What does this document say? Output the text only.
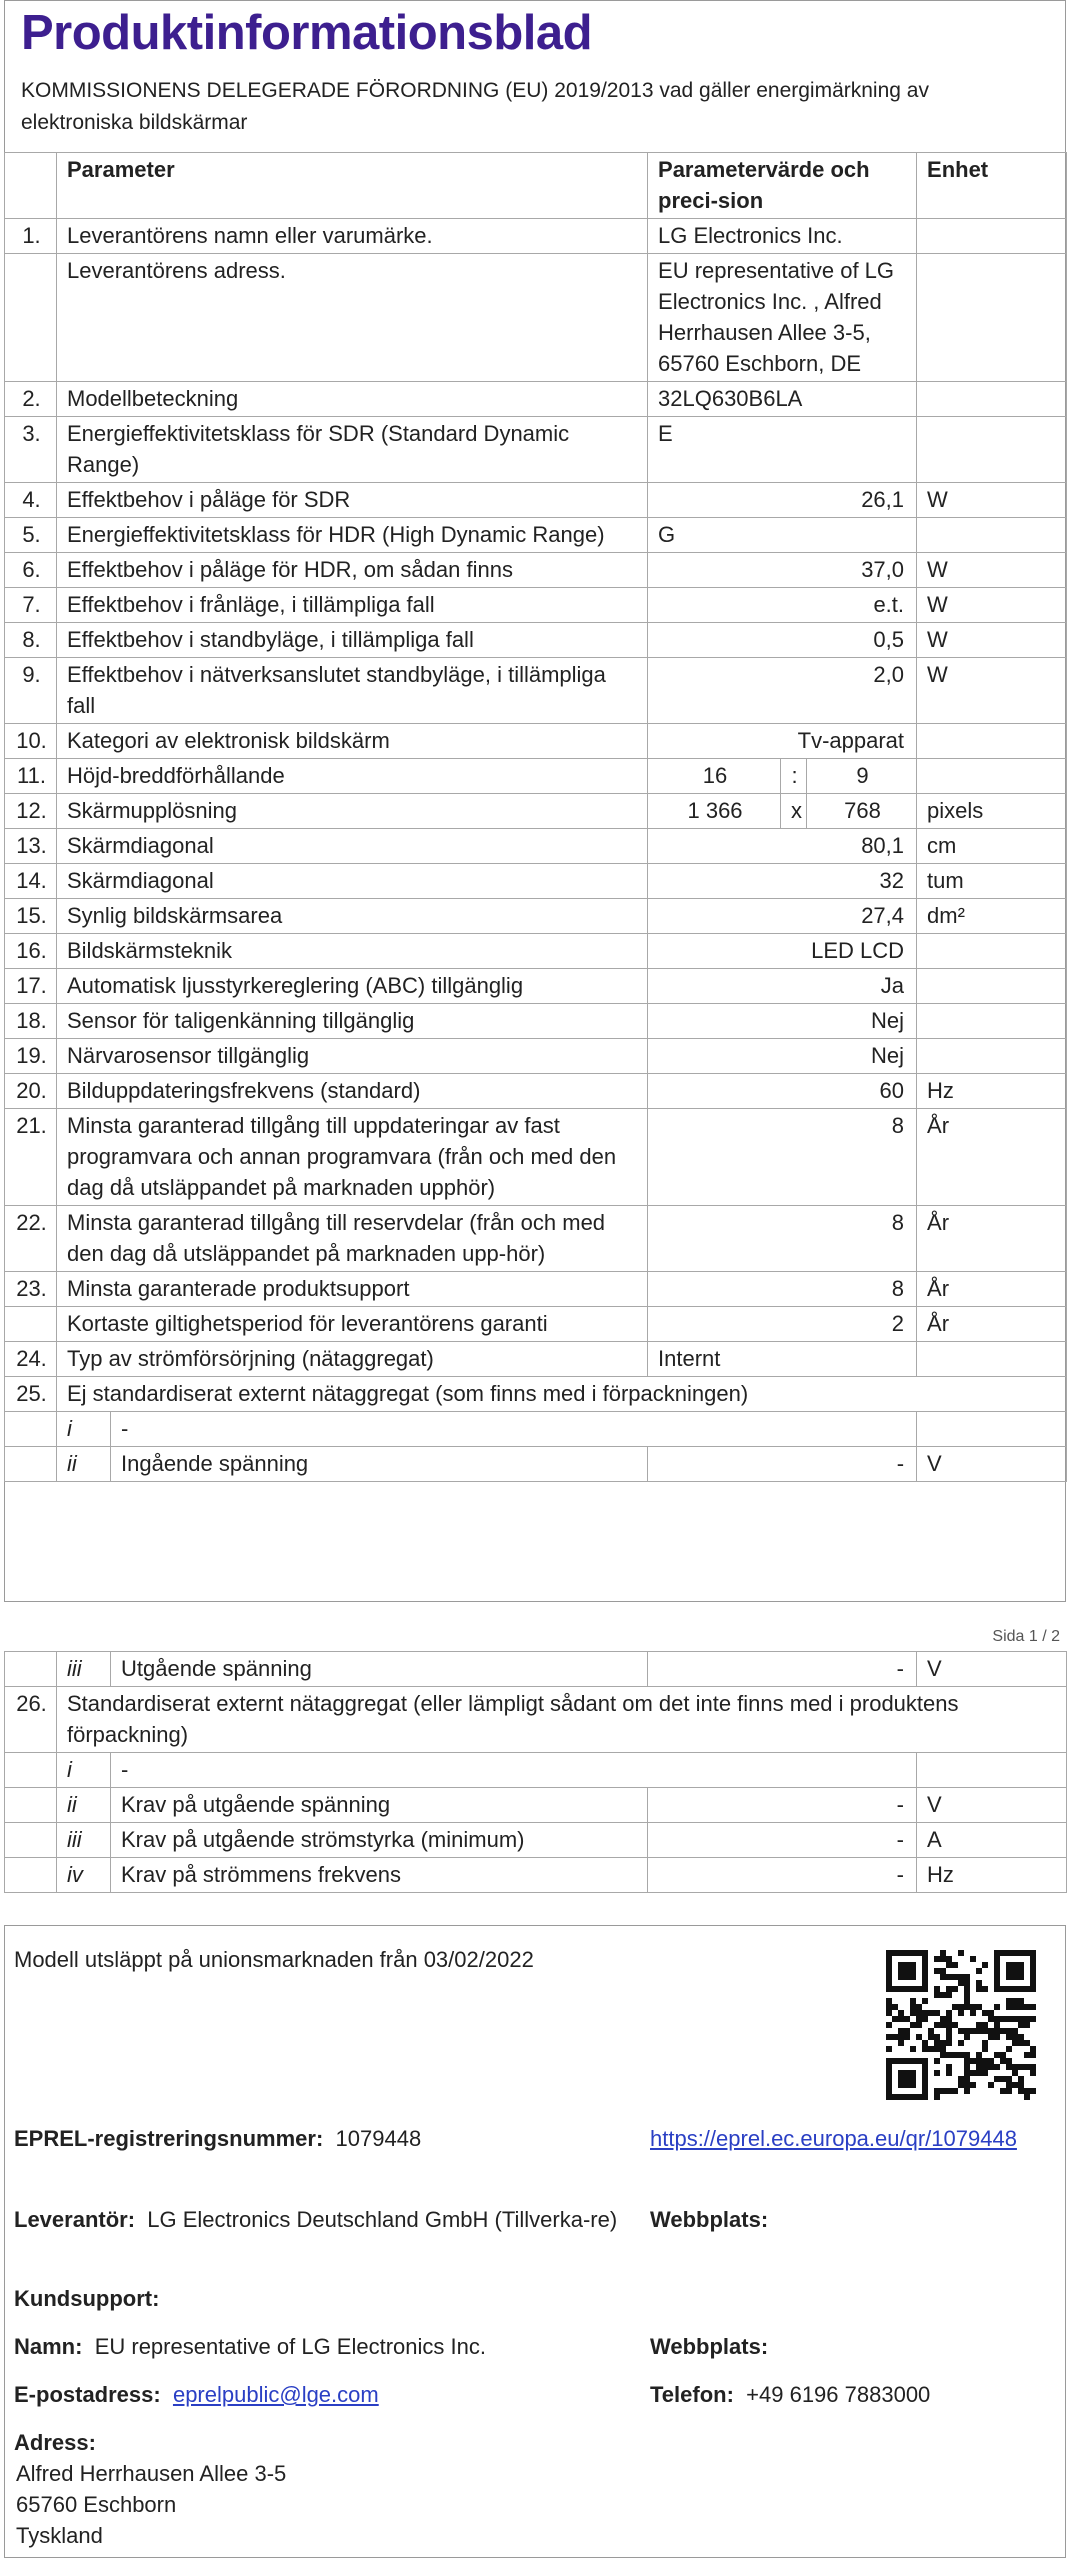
Produktinformationsblad
KOMMISSIONENS DELEGERADE FÖRORDNING (EU) 2019/2013 vad gäller energimärkning av elektroniska bildskärmar
	Parameter		Parametervärde och preci-sion			Enhet
1.	Leverantörens namn eller varumärke.		LG Electronics Inc.			
	Leverantörens adress.		EU representative of LG Electronics Inc. , Alfred Herrhausen Allee 3-5, 65760 Eschborn, DE			
2.	Modellbeteckning		32LQ630B6LA			
3.	Energieffektivitetsklass för SDR (Standard Dynamic Range)		E			
4.	Effektbehov i påläge för SDR		26,1			W
5.	Energieffektivitetsklass för HDR (High Dynamic Range)		G			
6.	Effektbehov i påläge för HDR, om sådan finns		37,0			W
7.	Effektbehov i frånläge, i tillämpliga fall		e.t.			W
8.	Effektbehov i standbyläge, i tillämpliga fall		0,5			W
9.	Effektbehov i nätverksanslutet standbyläge, i tillämpliga fall		2,0			W
10.	Kategori av elektronisk bildskärm		Tv-apparat			
11.	Höjd-breddförhållande		16	:	9	
12.	Skärmupplösning		1 366	x	768	pixels
13.	Skärmdiagonal		80,1			cm
14.	Skärmdiagonal		32			tum
15.	Synlig bildskärmsarea		27,4			dm²
16.	Bildskärmsteknik		LED LCD			
17.	Automatisk ljusstyrkereglering (ABC) tillgänglig		Ja			
18.	Sensor för taligenkänning tillgänglig		Nej			
19.	Närvarosensor tillgänglig		Nej			
20.	Bilduppdateringsfrekvens (standard)		60			Hz
21.	Minsta garanterad tillgång till uppdateringar av fast programvara och annan programvara (från och med den dag då utsläppandet på marknaden upphör)		8			År
22.	Minsta garanterad tillgång till reservdelar (från och med den dag då utsläppandet på marknaden upp-hör)		8			År
23.	Minsta garanterade produktsupport		8			År
	Kortaste giltighetsperiod för leverantörens garanti		2			År
24.	Typ av strömförsörjning (nätaggregat)		Internt			
25.	Ej standardiserat externt nätaggregat (som finns med i förpackningen)					
	i	-				
	ii	Ingående spänning	-			V
Sida 1 / 2
	iii	Utgående spänning	-	V
26.	Standardiserat externt nätaggregat (eller lämpligt sådant om det inte finns med i produktens förpackning)			
	i	-		
	ii	Krav på utgående spänning	-	V
	iii	Krav på utgående strömstyrka (minimum)	-	A
	iv	Krav på strömmens frekvens	-	Hz
Modell utsläppt på unionsmarknaden från 03/02/2022
EPREL-registreringsnummer: 1079448	https://eprel.ec.europa.eu/qr/1079448
Leverantör: LG Electronics Deutschland GmbH (Tillverka-re)	Webbplats:
Kundsupport:
Namn: EU representative of LG Electronics Inc.	Webbplats:
E-postadress: eprelpublic@lge.com	Telefon: +49 6196 7883000
Adress:
Alfred Herrhausen Allee 3-5
65760 Eschborn
Tyskland
